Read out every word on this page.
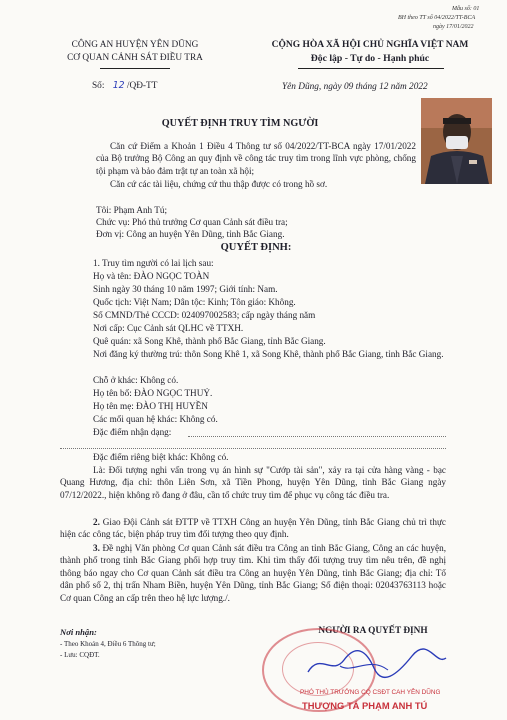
Mẫu số: 01
BH theo TT số 04/2022/TT-BCA
ngày 17/01/2022
CÔNG AN HUYỆN YÊN DŨNG
CƠ QUAN CẢNH SÁT ĐIỀU TRA
Số: 12 /QĐ-TT
CỘNG HÒA XÃ HỘI CHỦ NGHĨA VIỆT NAM
Độc lập - Tự do - Hạnh phúc
Yên Dũng, ngày 09 tháng 12 năm 2022
QUYẾT ĐỊNH TRUY TÌM NGƯỜI
Căn cứ Điểm a Khoản 1 Điều 4 Thông tư số 04/2022/TT-BCA ngày 17/01/2022 của Bộ trưởng Bộ Công an quy định về công tác truy tìm trong lĩnh vực phòng, chống tội phạm và bảo đảm trật tự an toàn xã hội;
Căn cứ các tài liệu, chứng cứ thu thập được có trong hồ sơ.
Tôi: Phạm Anh Tú;
Chức vụ: Phó thủ trưởng Cơ quan Cảnh sát điều tra;
Đơn vị: Công an huyện Yên Dũng, tỉnh Bắc Giang.
QUYẾT ĐỊNH:
1. Truy tìm người có lai lịch sau:
Họ và tên: ĐÀO NGỌC TOÀN
Sinh ngày 30 tháng 10 năm 1997; Giới tính: Nam.
Quốc tịch: Việt Nam; Dân tộc: Kinh; Tôn giáo: Không.
Số CMND/Thẻ CCCD: 024097002583; cấp ngày tháng năm
Nơi cấp: Cục Cảnh sát QLHC về TTXH.
Quê quán: xã Song Khê, thành phố Bắc Giang, tỉnh Bắc Giang.
Nơi đăng ký thường trú: thôn Song Khê 1, xã Song Khê, thành phố Bắc Giang, tỉnh Bắc Giang.
Chỗ ở khác: Không có.
Họ tên bố: ĐÀO NGỌC THUỶ.
Họ tên mẹ: ĐÀO THỊ HUYỀN
Các mối quan hệ khác: Không có.
Đặc điểm nhận dạng:
Đặc điểm riêng biệt khác: Không có.
Là: Đối tượng nghi vấn trong vụ án hình sự "Cướp tài sản", xảy ra tại cửa hàng vàng - bạc Quang Hương, địa chỉ: thôn Liên Sơn, xã Tiền Phong, huyện Yên Dũng, tỉnh Bắc Giang ngày 07/12/2022., hiện không rõ đang ở đâu, cần tổ chức truy tìm để phục vụ công tác điều tra.
2. Giao Đội Cảnh sát ĐTTP về TTXH Công an huyện Yên Dũng, tỉnh Bắc Giang chủ trì thực hiện các công tác, biện pháp truy tìm đối tượng theo quy định.
3. Đề nghị Văn phòng Cơ quan Cảnh sát điều tra Công an tỉnh Bắc Giang, Công an các huyện, thành phố trong tỉnh Bắc Giang phối hợp truy tìm. Khi tìm thấy đối tượng truy tìm nêu trên, đề nghị thông báo ngay cho Cơ quan Cảnh sát điều tra Công an huyện Yên Dũng, tỉnh Bắc Giang; địa chỉ: Tổ dân phố số 2, thị trấn Nham Biền, huyện Yên Dũng, tỉnh Bắc Giang; Số điện thoại: 02043763113 hoặc Cơ quan Công an cấp trên theo hệ lực lượng./.
Nơi nhận:
- Theo Khoản 4, Điều 6 Thông tư;
- Lưu: CQĐT.
NGƯỜI RA QUYẾT ĐỊNH
PHÓ THỦ TRƯỞNG CQ CSĐT CAH YÊN DŨNG
THƯỢNG TÁ PHẠM ANH TÚ
